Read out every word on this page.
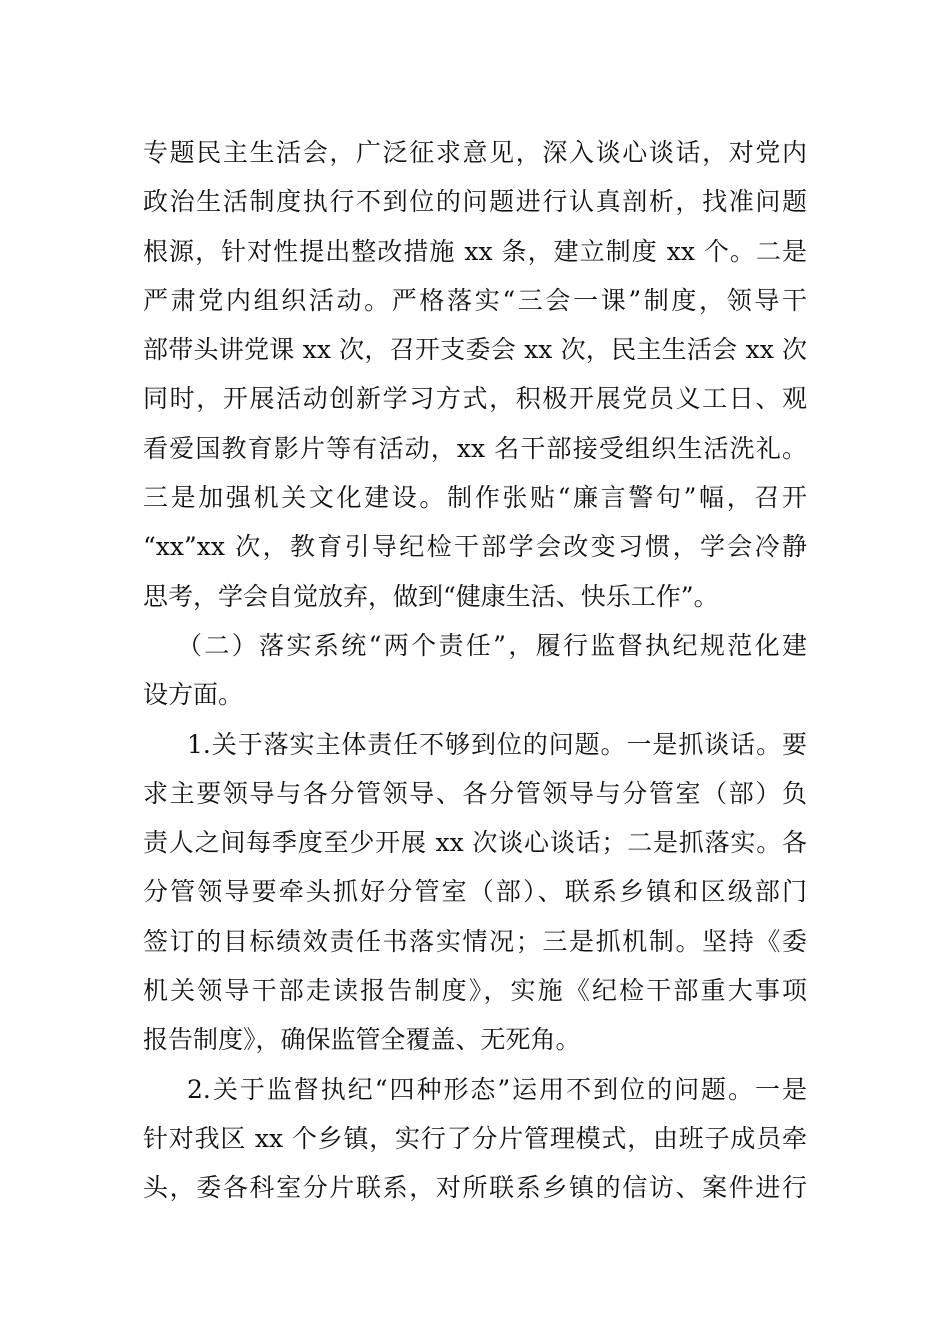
专题民主生活会，广泛征求意见，深入谈心谈话，对党内
政治生活制度执行不到位的问题进行认真剖析，找准问题
根源，针对性提出整改措施 xx 条，建立制度 xx 个。二是
严肃党内组织活动。严格落实“三会一课”制度，领导干
部带头讲党课 xx 次，召开支委会 xx 次，民主生活会 xx 次
同时，开展活动创新学习方式，积极开展党员义工日、观
看爱国教育影片等有活动，xx 名干部接受组织生活洗礼。
三是加强机关文化建设。制作张贴“廉言警句”幅，召开
“xx”xx 次，教育引导纪检干部学会改变习惯，学会冷静
思考，学会自觉放弃，做到“健康生活、快乐工作”。
（二）落实系统“两个责任”，履行监督执纪规范化建
设方面。
1.关于落实主体责任不够到位的问题。一是抓谈话。要
求主要领导与各分管领导、各分管领导与分管室（部）负
责人之间每季度至少开展 xx 次谈心谈话；二是抓落实。各
分管领导要牵头抓好分管室（部）、联系乡镇和区级部门
签订的目标绩效责任书落实情况；三是抓机制。坚持《委
机关领导干部走读报告制度》，实施《纪检干部重大事项
报告制度》，确保监管全覆盖、无死角。
2.关于监督执纪“四种形态”运用不到位的问题。一是
针对我区 xx 个乡镇，实行了分片管理模式，由班子成员牵
头，委各科室分片联系，对所联系乡镇的信访、案件进行
